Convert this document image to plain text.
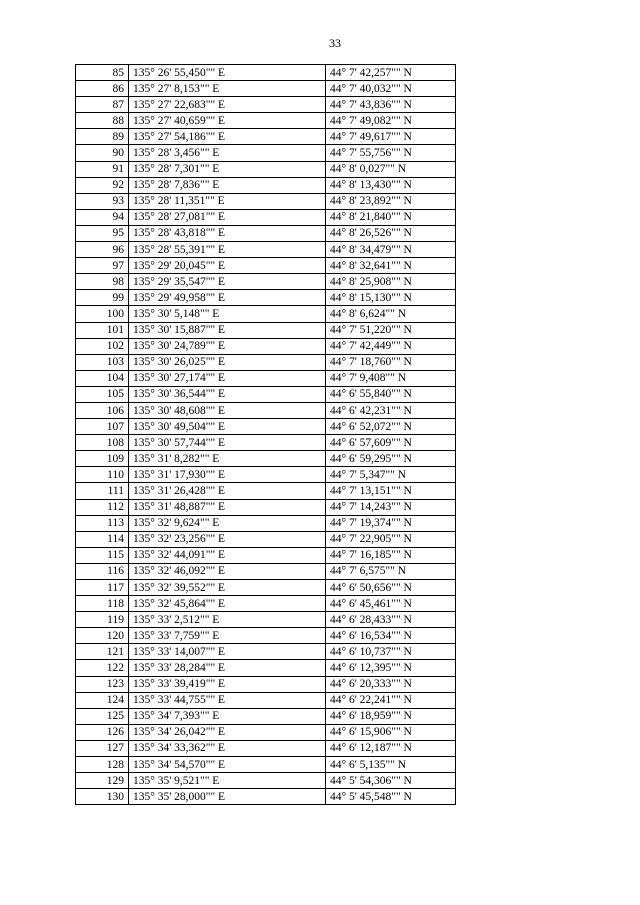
33
85	135° 26' 55,450"" E	44° 7' 42,257"" N
86	135° 27' 8,153"" E	44° 7' 40,032"" N
87	135° 27' 22,683"" E	44° 7' 43,836"" N
88	135° 27' 40,659"" E	44° 7' 49,082"" N
89	135° 27' 54,186"" E	44° 7' 49,617"" N
90	135° 28' 3,456"" E	44° 7' 55,756"" N
91	135° 28' 7,301"" E	44° 8' 0,027"" N
92	135° 28' 7,836"" E	44° 8' 13,430"" N
93	135° 28' 11,351"" E	44° 8' 23,892"" N
94	135° 28' 27,081"" E	44° 8' 21,840"" N
95	135° 28' 43,818"" E	44° 8' 26,526"" N
96	135° 28' 55,391"" E	44° 8' 34,479"" N
97	135° 29' 20,045"" E	44° 8' 32,641"" N
98	135° 29' 35,547"" E	44° 8' 25,908"" N
99	135° 29' 49,958"" E	44° 8' 15,130"" N
100	135° 30' 5,148"" E	44° 8' 6,624"" N
101	135° 30' 15,887"" E	44° 7' 51,220"" N
102	135° 30' 24,789"" E	44° 7' 42,449"" N
103	135° 30' 26,025"" E	44° 7' 18,760"" N
104	135° 30' 27,174"" E	44° 7' 9,408"" N
105	135° 30' 36,544"" E	44° 6' 55,840"" N
106	135° 30' 48,608"" E	44° 6' 42,231"" N
107	135° 30' 49,504"" E	44° 6' 52,072"" N
108	135° 30' 57,744"" E	44° 6' 57,609"" N
109	135° 31' 8,282"" E	44° 6' 59,295"" N
110	135° 31' 17,930"" E	44° 7' 5,347"" N
111	135° 31' 26,428"" E	44° 7' 13,151"" N
112	135° 31' 48,887"" E	44° 7' 14,243"" N
113	135° 32' 9,624"" E	44° 7' 19,374"" N
114	135° 32' 23,256"" E	44° 7' 22,905"" N
115	135° 32' 44,091"" E	44° 7' 16,185"" N
116	135° 32' 46,092"" E	44° 7' 6,575"" N
117	135° 32' 39,552"" E	44° 6' 50,656"" N
118	135° 32' 45,864"" E	44° 6' 45,461"" N
119	135° 33' 2,512"" E	44° 6' 28,433"" N
120	135° 33' 7,759"" E	44° 6' 16,534"" N
121	135° 33' 14,007"" E	44° 6' 10,737"" N
122	135° 33' 28,284"" E	44° 6' 12,395"" N
123	135° 33' 39,419"" E	44° 6' 20,333"" N
124	135° 33' 44,755"" E	44° 6' 22,241"" N
125	135° 34' 7,393"" E	44° 6' 18,959"" N
126	135° 34' 26,042"" E	44° 6' 15,906"" N
127	135° 34' 33,362"" E	44° 6' 12,187"" N
128	135° 34' 54,570"" E	44° 6' 5,135"" N
129	135° 35' 9,521"" E	44° 5' 54,306"" N
130	135° 35' 28,000"" E	44° 5' 45,548"" N
